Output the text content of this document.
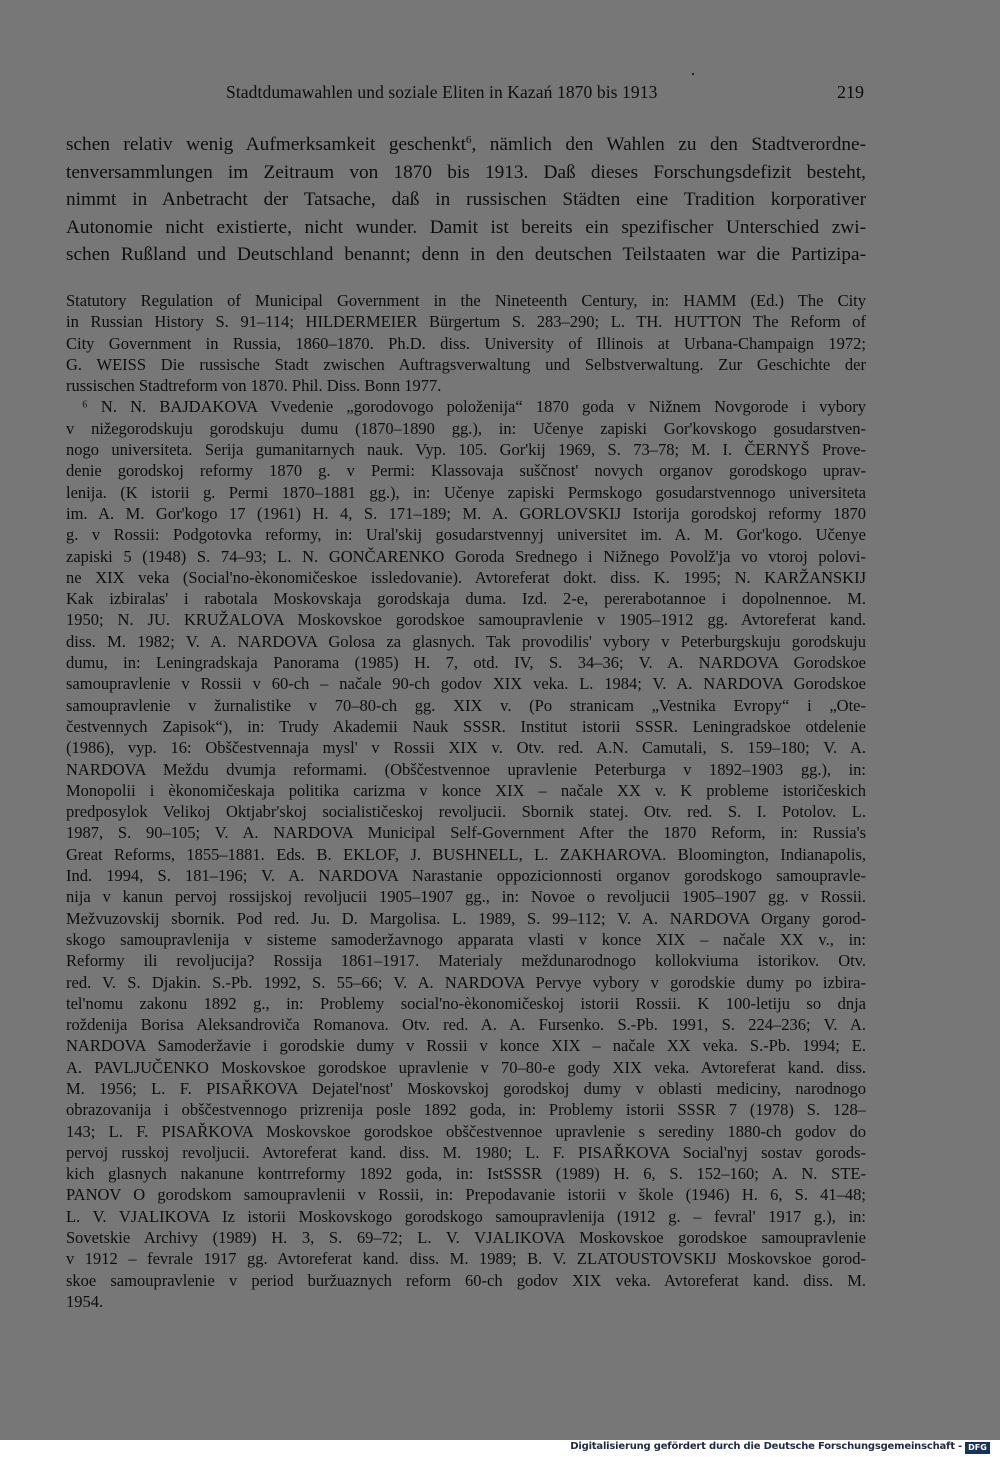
Stadtdumawahlen und soziale Eliten in Kazań 1870 bis 1913	219
schen relativ wenig Aufmerksamkeit geschenkt$^6$, nämlich den Wahlen zu den Stadtverordne-
tenversammlungen im Zeitraum von 1870 bis 1913. Daß dieses Forschungsdefizit besteht,
nimmt in Anbetracht der Tatsache, daß in russischen Städten eine Tradition korporativer
Autonomie nicht existierte, nicht wunder. Damit ist bereits ein spezifischer Unterschied zwi-
schen Rußland und Deutschland benannt; denn in den deutschen Teilstaaten war die Partizipa-
Statutory Regulation of Municipal Government in the Nineteenth Century, in: HAMM (Ed.) The City
in Russian History S. 91–114; HILDERMEIER Bürgertum S. 283–290; L. TH. HUTTON The Reform of
City Government in Russia, 1860–1870. Ph.D. diss. University of Illinois at Urbana-Champaign 1972;
G. WEISS Die russische Stadt zwischen Auftragsverwaltung und Selbstverwaltung. Zur Geschichte der
russischen Stadtreform von 1870. Phil. Diss. Bonn 1977.
⁶ N. N. BAJDAKOVA Vvedenie „gorodovogo položenija“ 1870 goda v Nižnem Novgorode i vybory
v nižegorodskuju gorodskuju dumu (1870–1890 gg.), in: Učenye zapiski Gor'kovskogo gosudarstven-
nogo universiteta. Serija gumanitarnych nauk. Vyp. 105. Gor'kij 1969, S. 73–78; M. I. ČERNYŠ Prove-
denie gorodskoj reformy 1870 g. v Permi: Klassovaja suščnost' novych organov gorodskogo uprav-
lenija. (K istorii g. Permi 1870–1881 gg.), in: Učenye zapiski Permskogo gosudarstvennogo universiteta
im. A. M. Gor'kogo 17 (1961) H. 4, S. 171–189; M. A. GORLOVSKIJ Istorija gorodskoj reformy 1870
g. v Rossii: Podgotovka reformy, in: Ural'skij gosudarstvennyj universitet im. A. M. Gor'kogo. Učenye
zapiski 5 (1948) S. 74–93; L. N. GONČARENKO Goroda Srednego i Nižnego Povolž'ja vo vtoroj polovi-
ne XIX veka (Social'no-èkonomičeskoe issledovanie). Avtoreferat dokt. diss. K. 1995; N. KARŽANSKIJ
Kak izbiralas' i rabotala Moskovskaja gorodskaja duma. Izd. 2-e, pererabotannoe i dopolnennoe. M.
1950; N. JU. KRUŽALOVA Moskovskoe gorodskoe samoupravlenie v 1905–1912 gg. Avtoreferat kand.
diss. M. 1982; V. A. NARDOVA Golosa za glasnych. Tak provodilis' vybory v Peterburgskuju gorodskuju
dumu, in: Leningradskaja Panorama (1985) H. 7, otd. IV, S. 34–36; V. A. NARDOVA Gorodskoe
samoupravlenie v Rossii v 60-ch – načale 90-ch godov XIX veka. L. 1984; V. A. NARDOVA Gorodskoe
samoupravlenie v žurnalistike v 70–80-ch gg. XIX v. (Po stranicam „Vestnika Evropy“ i „Ote-
čestvennych Zapisok“), in: Trudy Akademii Nauk SSSR. Institut istorii SSSR. Leningradskoe otdelenie
(1986), vyp. 16: Obščestvennaja mysl' v Rossii XIX v. Otv. red. A.N. Camutali, S. 159–180; V. A.
NARDOVA Meždu dvumja reformami. (Obščestvennoe upravlenie Peterburga v 1892–1903 gg.), in:
Monopolii i èkonomičeskaja politika carizma v konce XIX – načale XX v. K probleme istoričeskich
predposylok Velikoj Oktjabr'skoj socialističeskoj revoljucii. Sbornik statej. Otv. red. S. I. Potolov. L.
1987, S. 90–105; V. A. NARDOVA Municipal Self-Government After the 1870 Reform, in: Russia's
Great Reforms, 1855–1881. Eds. B. EKLOF, J. BUSHNELL, L. ZAKHAROVA. Bloomington, Indianapolis,
Ind. 1994, S. 181–196; V. A. NARDOVA Narastanie oppozicionnosti organov gorodskogo samoupravle-
nija v kanun pervoj rossijskoj revoljucii 1905–1907 gg., in: Novoe o revoljucii 1905–1907 gg. v Rossii.
Mežvuzovskij sbornik. Pod red. Ju. D. Margolisa. L. 1989, S. 99–112; V. A. NARDOVA Organy gorod-
skogo samoupravlenija v sisteme samoderžavnogo apparata vlasti v konce XIX – načale XX v., in:
Reformy ili revoljucija? Rossija 1861–1917. Materialy meždunarodnogo kollokviuma istorikov. Otv.
red. V. S. Djakin. S.-Pb. 1992, S. 55–66; V. A. NARDOVA Pervye vybory v gorodskie dumy po izbira-
tel'nomu zakonu 1892 g., in: Problemy social'no-èkonomičeskoj istorii Rossii. K 100-letiju so dnja
roždenija Borisa Aleksandroviča Romanova. Otv. red. A. A. Fursenko. S.-Pb. 1991, S. 224–236; V. A.
NARDOVA Samoderžavie i gorodskie dumy v Rossii v konce XIX – načale XX veka. S.-Pb. 1994; E.
A. PAVLJUČENKO Moskovskoe gorodskoe upravlenie v 70–80-e gody XIX veka. Avtoreferat kand. diss.
M. 1956; L. F. PISAŘKOVA Dejatel'nost' Moskovskoj gorodskoj dumy v oblasti mediciny, narodnogo
obrazovanija i obščestvennogo prizrenija posle 1892 goda, in: Problemy istorii SSSR 7 (1978) S. 128–
143; L. F. PISAŘKOVA Moskovskoe gorodskoe obščestvennoe upravlenie s serediny 1880-ch godov do
pervoj russkoj revoljucii. Avtoreferat kand. diss. M. 1980; L. F. PISAŘKOVA Social'nyj sostav gorods-
kich glasnych nakanune kontrreformy 1892 goda, in: IstSSSR (1989) H. 6, S. 152–160; A. N. STE-
PANOV O gorodskom samoupravlenii v Rossii, in: Prepodavanie istorii v škole (1946) H. 6, S. 41–48;
L. V. VJALIKOVA Iz istorii Moskovskogo gorodskogo samoupravlenija (1912 g. – fevral' 1917 g.), in:
Sovetskie Archivy (1989) H. 3, S. 69–72; L. V. VJALIKOVA Moskovskoe gorodskoe samoupravlenie
v 1912 – fevrale 1917 gg. Avtoreferat kand. diss. M. 1989; B. V. ZLATOUSTOVSKIJ Moskovskoe gorod-
skoe samoupravlenie v period buržuaznych reform 60-ch godov XIX veka. Avtoreferat kand. diss. M.
1954.
Digitalisierung gefördert durch die Deutsche Forschungsgemeinschaft - DFG
